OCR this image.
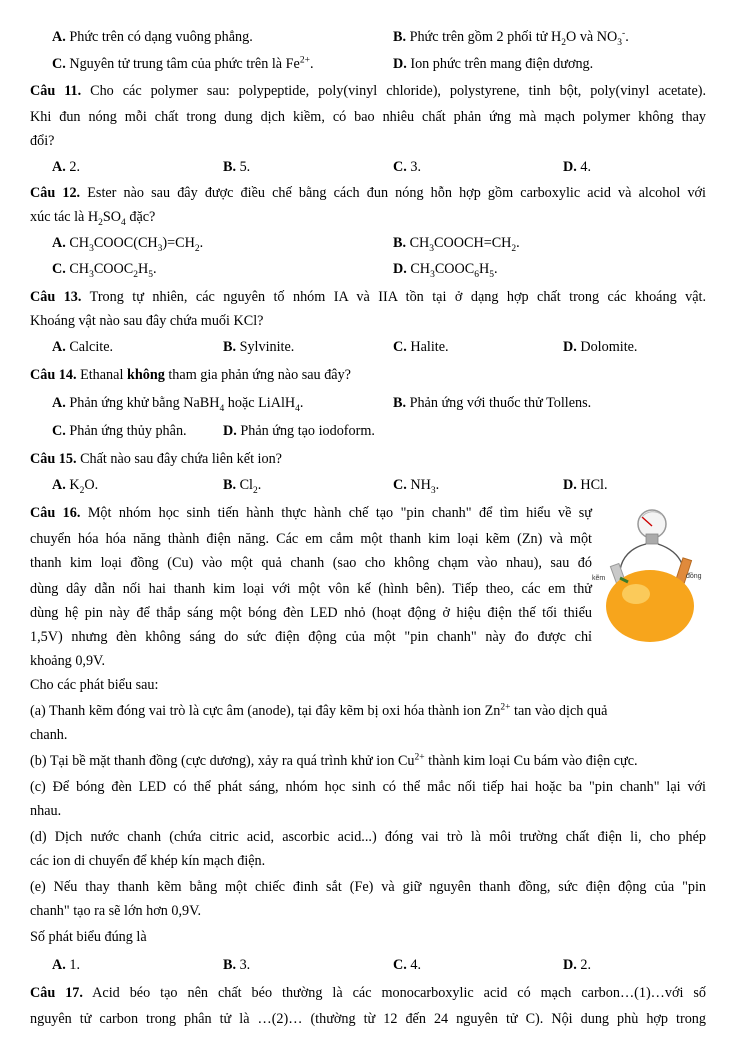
A. Phức trên có dạng vuông phẳng.	B. Phức trên gồm 2 phối tử $H_2O$ và $NO_3^-$.
C. Nguyên tử trung tâm của phức trên là $Fe^{2+}$.	D. Ion phức trên mang điện dương.
Câu 11. Cho các polymer sau: polypeptide, poly(vinyl chloride), polystyrene, tinh bột, poly(vinyl acetate).
Khi đun nóng mỗi chất trong dung dịch kiềm, có bao nhiêu chất phản ứng mà mạch polymer không thay
đổi?
A. 2.	B. 5.	C. 3.	D. 4.
Câu 12. Ester nào sau đây được điều chế bằng cách đun nóng hỗn hợp gồm carboxylic acid và alcohol với
xúc tác là $H_2SO_4$ đặc?
A. $CH_3COOC(CH_3)=CH_2$.	B. $CH_3COOCH=CH_2$.
C. $CH_3COOC_2H_5$.	D. $CH_3COOC_6H_5$.
Câu 13. Trong tự nhiên, các nguyên tố nhóm IA và IIA tồn tại ở dạng hợp chất trong các khoáng vật.
Khoáng vật nào sau đây chứa muối KCl?
A. Calcite.	B. Sylvinite.	C. Halite.	D. Dolomite.
Câu 14. Ethanal không tham gia phản ứng nào sau đây?
A. Phản ứng khử bằng NaBH$_4$ hoặc LiAlH$_4$.	B. Phản ứng với thuốc thử Tollens.
C. Phản ứng thủy phân.	D. Phản ứng tạo iodoform.
Câu 15. Chất nào sau đây chứa liên kết ion?
A. $K_2O$.	B. $Cl_2$.	C. $NH_3$.	D. HCl.
Câu 16. Một nhóm học sinh tiến hành thực hành chế tạo "pin chanh" để tìm hiểu về sự
chuyển hóa hóa năng thành điện năng. Các em cắm một thanh kim loại kẽm (Zn) và một
thanh kim loại đồng (Cu) vào một quả chanh (sao cho không chạm vào nhau), sau đó
dùng dây dẫn nối hai thanh kim loại với một vôn kế (hình bên). Tiếp theo, các em thử
dùng hệ pin này để thắp sáng một bóng đèn LED nhỏ (hoạt động ở hiệu điện thế tối thiểu
1,5V) nhưng đèn không sáng do sức điện động của một "pin chanh" này đo được chỉ
khoảng 0,9V.
kẽm	đồng
Cho các phát biểu sau:
(a) Thanh kẽm đóng vai trò là cực âm (anode), tại đây kẽm bị oxi hóa thành ion $Zn^{2+}$ tan vào dịch quả
chanh.
(b) Tại bề mặt thanh đồng (cực dương), xảy ra quá trình khử ion $Cu^{2+}$ thành kim loại Cu bám vào điện cực.
(c) Để bóng đèn LED có thể phát sáng, nhóm học sinh có thể mắc nối tiếp hai hoặc ba "pin chanh" lại với
nhau.
(d) Dịch nước chanh (chứa citric acid, ascorbic acid...) đóng vai trò là môi trường chất điện li, cho phép
các ion di chuyển để khép kín mạch điện.
(e) Nếu thay thanh kẽm bằng một chiếc đinh sắt (Fe) và giữ nguyên thanh đồng, sức điện động của "pin
chanh" tạo ra sẽ lớn hơn 0,9V.
Số phát biểu đúng là
A. 1.	B. 3.	C. 4.	D. 2.
Câu 17. Acid béo tạo nên chất béo thường là các monocarboxylic acid có mạch carbon…(1)…với số
nguyên tử carbon trong phân tử là …(2)… (thường từ 12 đến 24 nguyên tử C). Nội dung phù hợp trong
